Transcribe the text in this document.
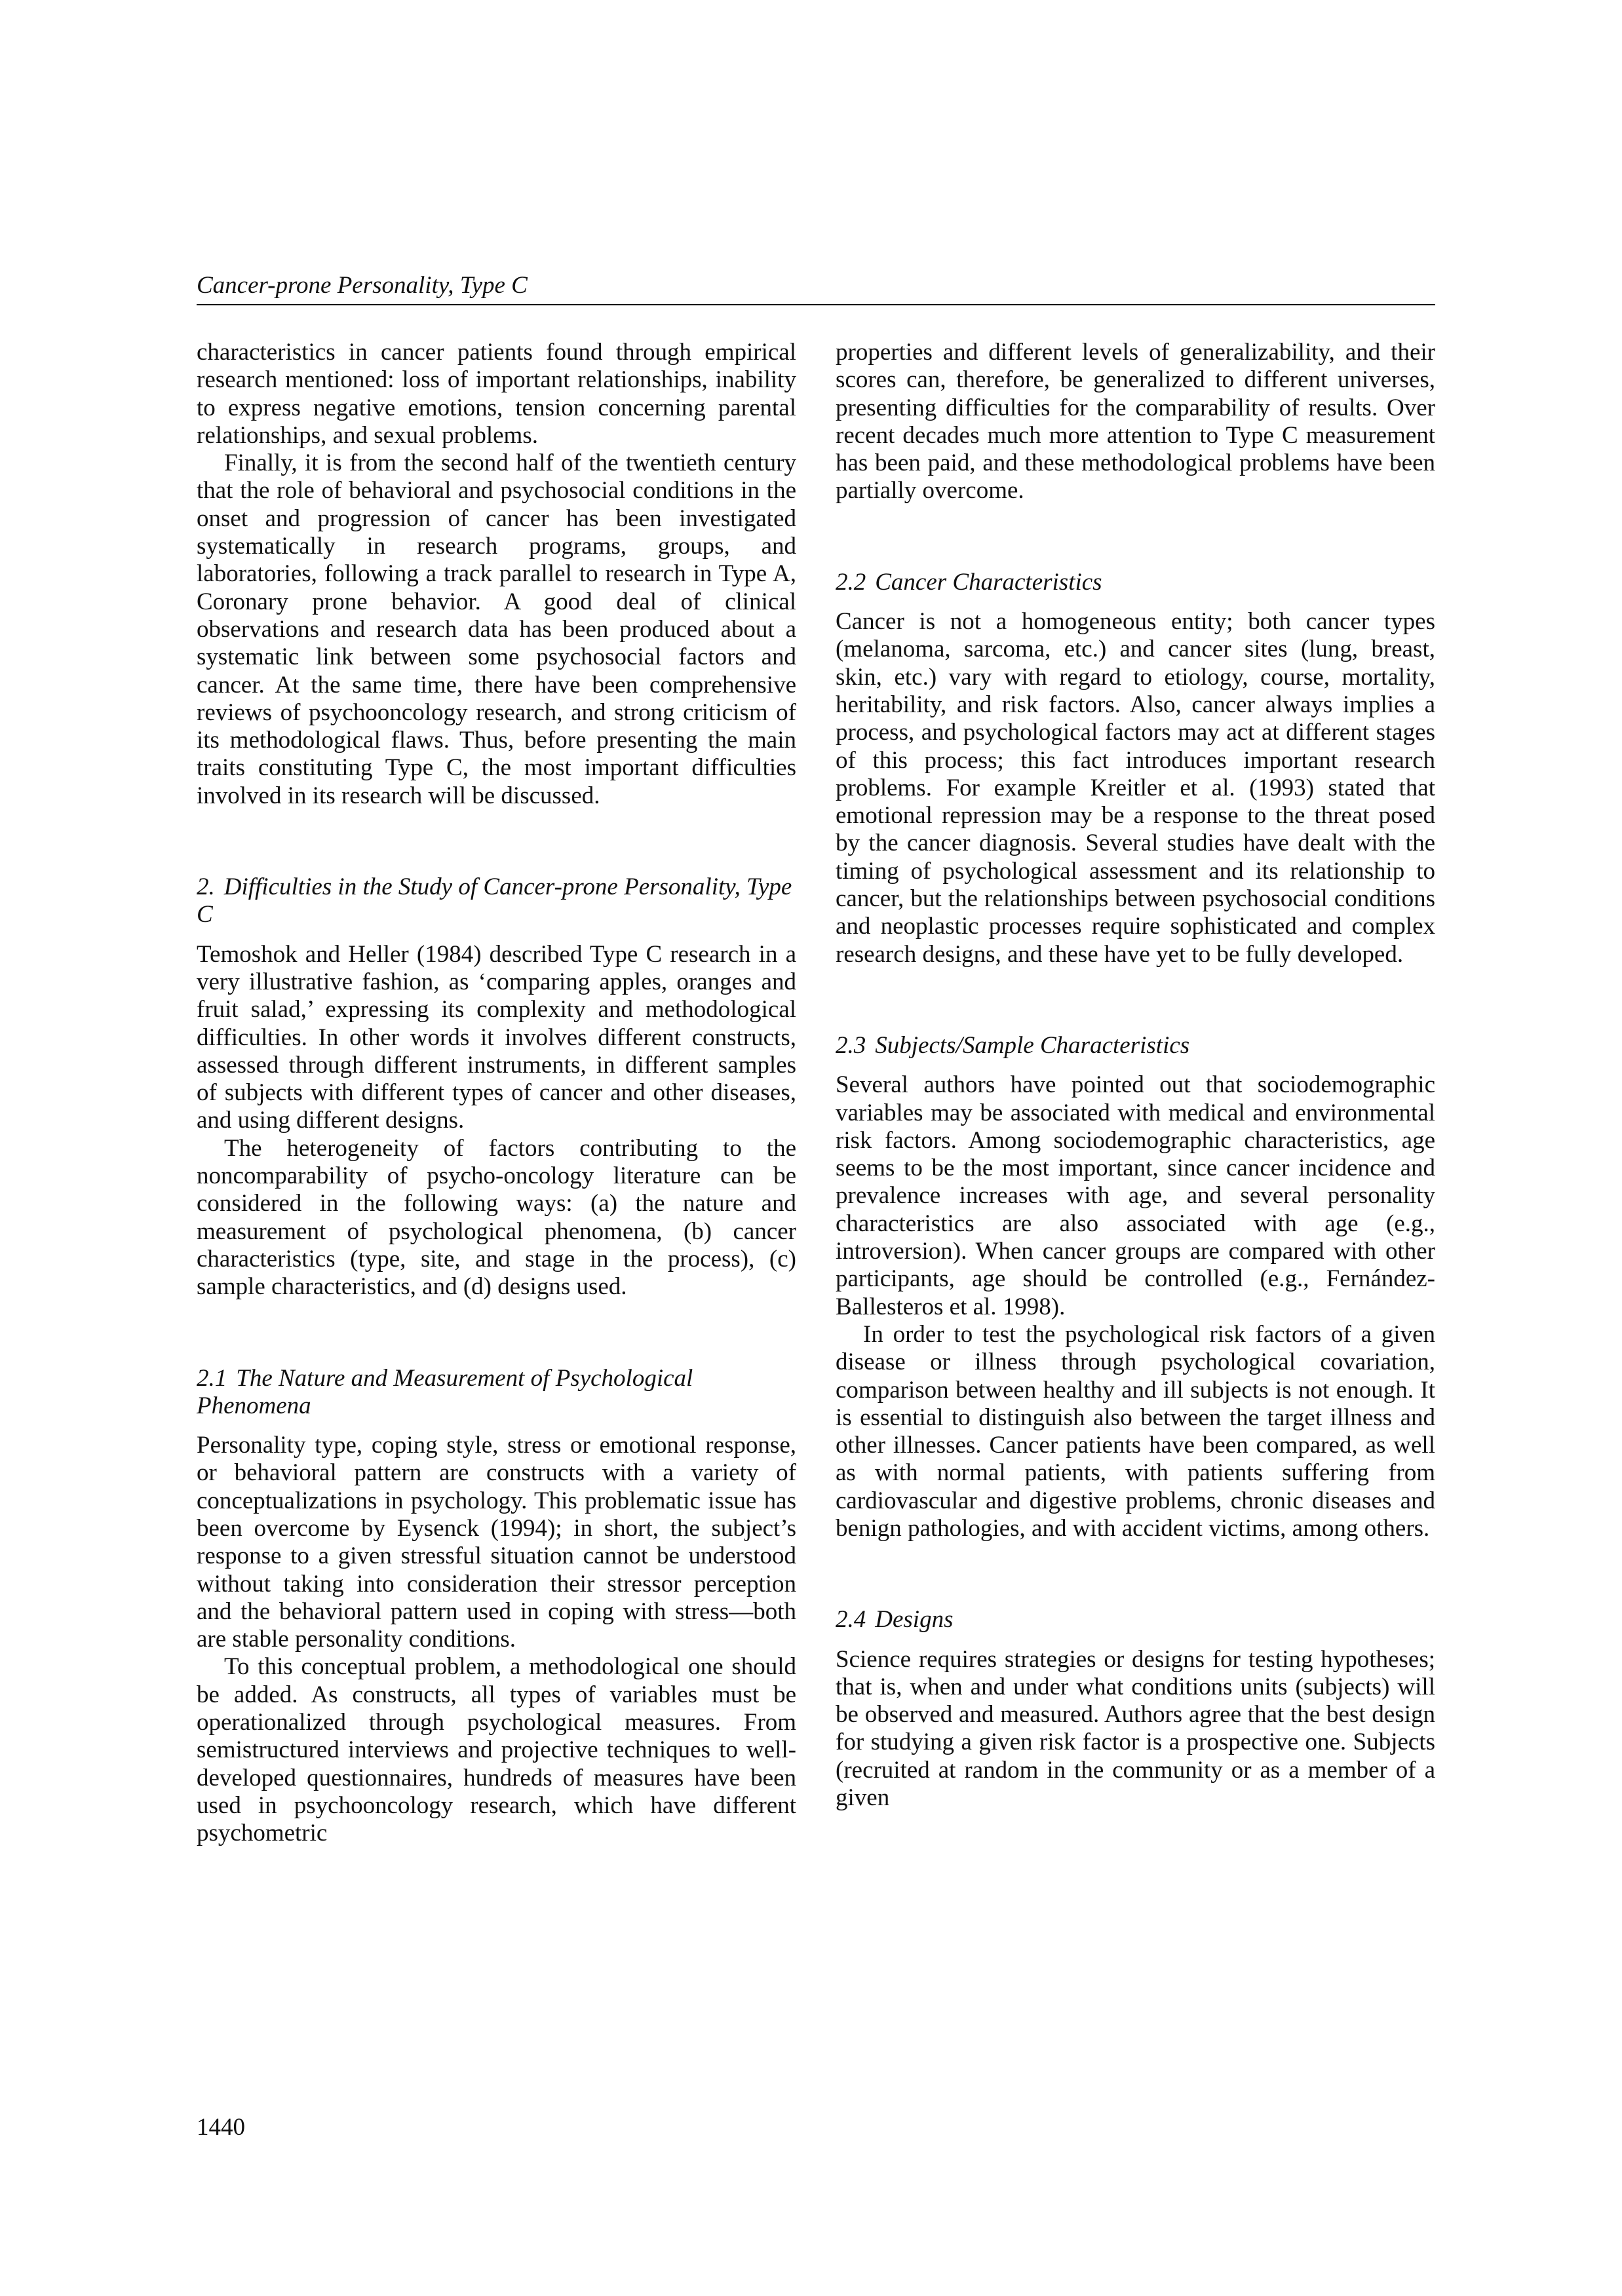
Cancer-prone Personality, Type C

characteristics in cancer patients found through empirical research mentioned: loss of important relationships, inability to express negative emotions, tension concerning parental relationships, and sexual problems.

Finally, it is from the second half of the twentieth century that the role of behavioral and psychosocial conditions in the onset and progression of cancer has been investigated systematically in research programs, groups, and laboratories, following a track parallel to research in Type A, Coronary prone behavior. A good deal of clinical observations and research data has been produced about a systematic link between some psychosocial factors and cancer. At the same time, there have been comprehensive reviews of psychooncology research, and strong criticism of its methodological flaws. Thus, before presenting the main traits constituting Type C, the most important difficulties involved in its research will be discussed.

2. Difficulties in the Study of Cancer-prone Personality, Type C

Temoshok and Heller (1984) described Type C research in a very illustrative fashion, as ‘comparing apples, oranges and fruit salad,’ expressing its complexity and methodological difficulties. In other words it involves different constructs, assessed through different instruments, in different samples of subjects with different types of cancer and other diseases, and using different designs.

The heterogeneity of factors contributing to the noncomparability of psycho-oncology literature can be considered in the following ways: (a) the nature and measurement of psychological phenomena, (b) cancer characteristics (type, site, and stage in the process), (c) sample characteristics, and (d) designs used.

2.1 The Nature and Measurement of Psychological Phenomena

Personality type, coping style, stress or emotional response, or behavioral pattern are constructs with a variety of conceptualizations in psychology. This problematic issue has been overcome by Eysenck (1994); in short, the subject’s response to a given stressful situation cannot be understood without taking into consideration their stressor perception and the behavioral pattern used in coping with stress—both are stable personality conditions.

To this conceptual problem, a methodological one should be added. As constructs, all types of variables must be operationalized through psychological measures. From semistructured interviews and projective techniques to well-developed questionnaires, hundreds of measures have been used in psychooncology research, which have different psychometric

properties and different levels of generalizability, and their scores can, therefore, be generalized to different universes, presenting difficulties for the comparability of results. Over recent decades much more attention to Type C measurement has been paid, and these methodological problems have been partially overcome.

2.2 Cancer Characteristics

Cancer is not a homogeneous entity; both cancer types (melanoma, sarcoma, etc.) and cancer sites (lung, breast, skin, etc.) vary with regard to etiology, course, mortality, heritability, and risk factors. Also, cancer always implies a process, and psychological factors may act at different stages of this process; this fact introduces important research problems. For example Kreitler et al. (1993) stated that emotional repression may be a response to the threat posed by the cancer diagnosis. Several studies have dealt with the timing of psychological assessment and its relationship to cancer, but the relationships between psychosocial conditions and neoplastic processes require sophisticated and complex research designs, and these have yet to be fully developed.

2.3 Subjects/Sample Characteristics

Several authors have pointed out that sociodemographic variables may be associated with medical and environmental risk factors. Among sociodemographic characteristics, age seems to be the most important, since cancer incidence and prevalence increases with age, and several personality characteristics are also associated with age (e.g., introversion). When cancer groups are compared with other participants, age should be controlled (e.g., Fernández-Ballesteros et al. 1998).

In order to test the psychological risk factors of a given disease or illness through psychological covariation, comparison between healthy and ill subjects is not enough. It is essential to distinguish also between the target illness and other illnesses. Cancer patients have been compared, as well as with normal patients, with patients suffering from cardiovascular and digestive problems, chronic diseases and benign pathologies, and with accident victims, among others.

2.4 Designs

Science requires strategies or designs for testing hypotheses; that is, when and under what conditions units (subjects) will be observed and measured. Authors agree that the best design for studying a given risk factor is a prospective one. Subjects (recruited at random in the community or as a member of a given

1440
